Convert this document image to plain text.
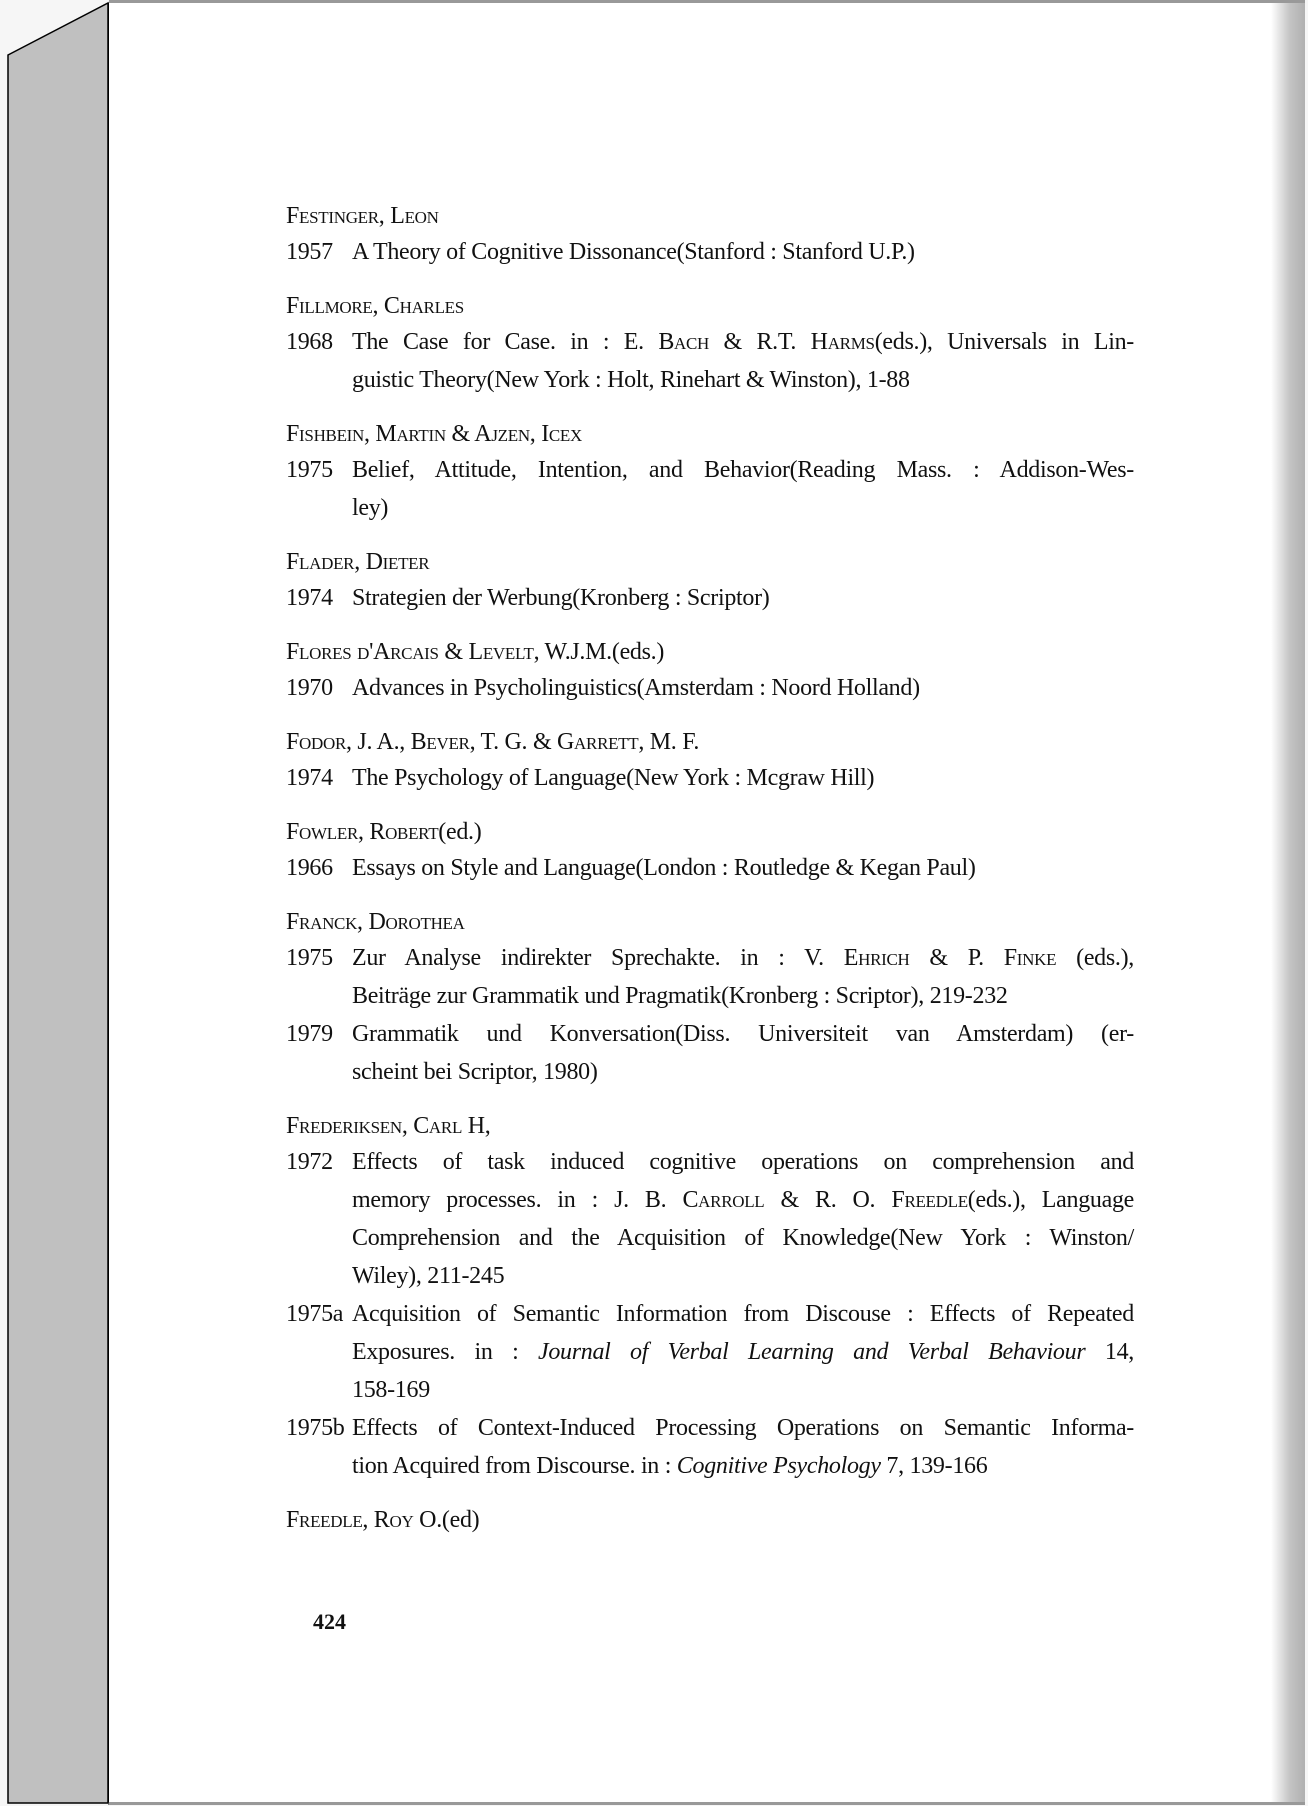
Festinger, Leon
1957 A Theory of Cognitive Dissonance(Stanford : Stanford U.P.)
Fillmore, Charles
1968 The Case for Case. in : E. Bach & R.T. Harms(eds.), Universals in Lin-
guistic Theory(New York : Holt, Rinehart & Winston), 1-88
Fishbein, Martin & Ajzen, Icex
1975 Belief, Attitude, Intention, and Behavior(Reading Mass. : Addison-Wes-
ley)
Flader, Dieter
1974 Strategien der Werbung(Kronberg : Scriptor)
Flores d'Arcais & Levelt, W.J.M.(eds.)
1970 Advances in Psycholinguistics(Amsterdam : Noord Holland)
Fodor, J. A., Bever, T. G. & Garrett, M. F.
1974 The Psychology of Language(New York : Mcgraw Hill)
Fowler, Robert(ed.)
1966 Essays on Style and Language(London : Routledge & Kegan Paul)
Franck, Dorothea
1975 Zur Analyse indirekter Sprechakte. in : V. Ehrich & P. Finke (eds.),
Beiträge zur Grammatik und Pragmatik(Kronberg : Scriptor), 219-232
1979 Grammatik und Konversation(Diss. Universiteit van Amsterdam) (er-
scheint bei Scriptor, 1980)
Frederiksen, Carl H,
1972 Effects of task induced cognitive operations on comprehension and
memory processes. in : J. B. Carroll & R. O. Freedle(eds.), Language
Comprehension and the Acquisition of Knowledge(New York : Winston/
Wiley), 211-245
1975a Acquisition of Semantic Information from Discouse : Effects of Repeated
Exposures. in : Journal of Verbal Learning and Verbal Behaviour 14,
158-169
1975b Effects of Context-Induced Processing Operations on Semantic Informa-
tion Acquired from Discourse. in : Cognitive Psychology 7, 139-166
Freedle, Roy O.(ed)
424
